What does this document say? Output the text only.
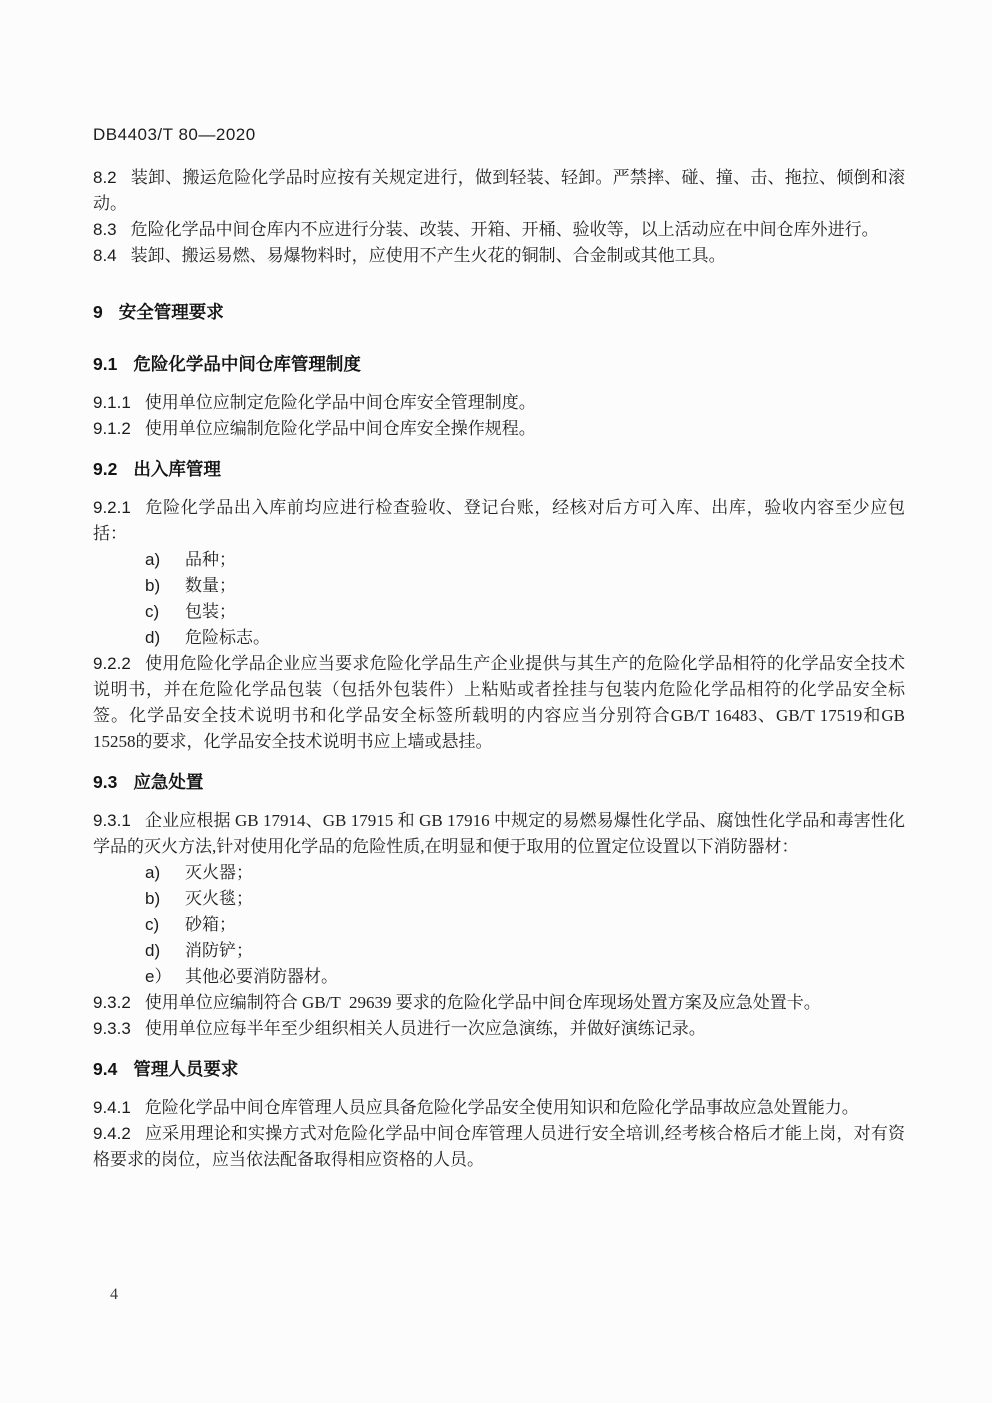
DB4403/T 80—2020

8.2 装卸、搬运危险化学品时应按有关规定进行，做到轻装、轻卸。严禁摔、碰、撞、击、拖拉、倾倒和滚动。

8.3 危险化学品中间仓库内不应进行分装、改装、开箱、开桶、验收等，以上活动应在中间仓库外进行。

8.4 装卸、搬运易燃、易爆物料时，应使用不产生火花的铜制、合金制或其他工具。

9 安全管理要求
9.1 危险化学品中间仓库管理制度

9.1.1 使用单位应制定危险化学品中间仓库安全管理制度。

9.1.2 使用单位应编制危险化学品中间仓库安全操作规程。

9.2 出入库管理

9.2.1 危险化学品出入库前均应进行检查验收、登记台账，经核对后方可入库、出库，验收内容至少应包括：

a) 品种；

b) 数量；

c) 包装；

d) 危险标志。

9.2.2 使用危险化学品企业应当要求危险化学品生产企业提供与其生产的危险化学品相符的化学品安全技术说明书，并在危险化学品包装（包括外包装件）上粘贴或者拴挂与包装内危险化学品相符的化学品安全标签。化学品安全技术说明书和化学品安全标签所载明的内容应当分别符合GB/T 16483、GB/T 17519和GB 15258的要求，化学品安全技术说明书应上墙或悬挂。

9.3 应急处置

9.3.1 企业应根据 GB 17914、GB 17915 和 GB 17916 中规定的易燃易爆性化学品、腐蚀性化学品和毒害性化学品的灭火方法,针对使用化学品的危险性质,在明显和便于取用的位置定位设置以下消防器材：

a) 灭火器；

b) 灭火毯；

c) 砂箱；

d) 消防铲；

e） 其他必要消防器材。

9.3.2 使用单位应编制符合 GB/T  29639 要求的危险化学品中间仓库现场处置方案及应急处置卡。

9.3.3 使用单位应每半年至少组织相关人员进行一次应急演练，并做好演练记录。

9.4 管理人员要求

9.4.1 危险化学品中间仓库管理人员应具备危险化学品安全使用知识和危险化学品事故应急处置能力。

9.4.2 应采用理论和实操方式对危险化学品中间仓库管理人员进行安全培训,经考核合格后才能上岗，对有资格要求的岗位，应当依法配备取得相应资格的人员。

4
